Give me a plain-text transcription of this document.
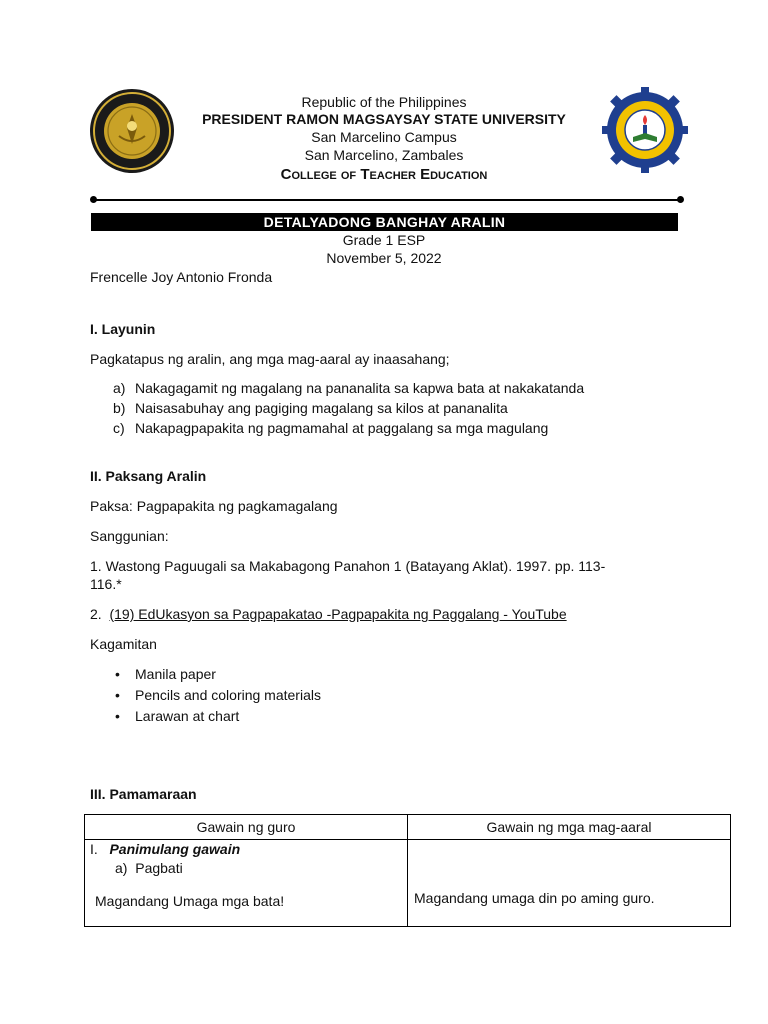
Republic of the Philippines
PRESIDENT RAMON MAGSAYSAY STATE UNIVERSITY
San Marcelino Campus
San Marcelino, Zambales
College of Teacher Education
DETALYADONG BANGHAY ARALIN
Grade 1 ESP
November 5, 2022
Frencelle Joy Antonio Fronda
I. Layunin
Pagkatapus ng aralin, ang mga mag-aaral ay inaasahang;
a) Nakagagamit ng magalang na pananalita sa kapwa bata at nakakatanda
b) Naisasabuhay ang pagiging magalang sa kilos at pananalita
c) Nakapagpapakita ng pagmamahal at paggalang sa mga magulang
II. Paksang Aralin
Paksa: Pagpapakita ng pagkamagalang
Sanggunian:
1. Wastong Paguugali sa Makabagong Panahon 1 (Batayang Aklat). 1997. pp. 113-
116.*
2. (19) EdUkasyon sa Pagpapakatao -Pagpapakita ng Paggalang - YouTube
Kagamitan
• Manila paper
• Pencils and coloring materials
• Larawan at chart
III. Pamamaraan
Gawain ng guro	Gawain ng mga mag-aaral

I. Panimulang gawain
a) Pagbati
Magandang Umaga mga bata!	Magandang umaga din po aming guro.
